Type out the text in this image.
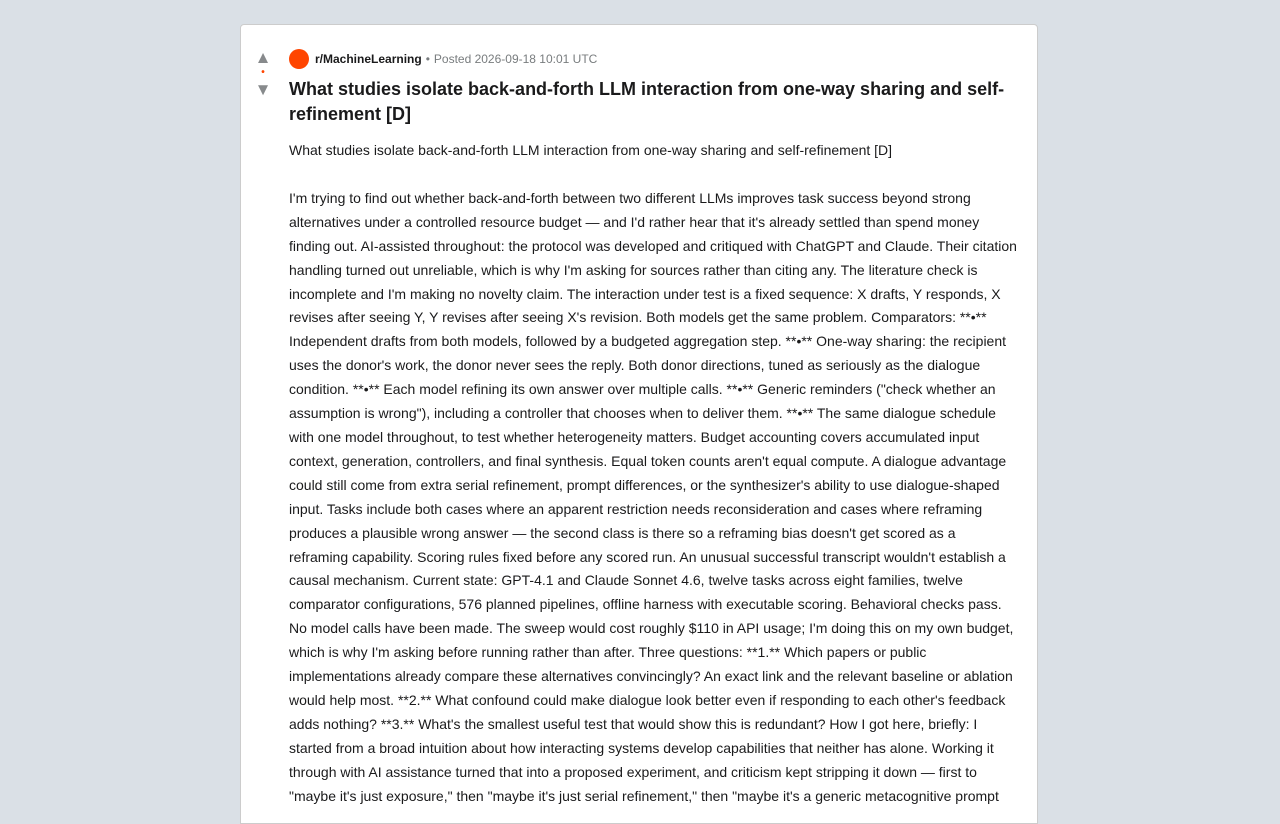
▲
•
▼
r/MachineLearning • Posted 2026-09-18 10:01 UTC
What studies isolate back-and-forth LLM interaction from one-way sharing and self-refinement [D]

What studies isolate back-and-forth LLM interaction from one-way sharing and self-refinement [D]

I'm trying to find out whether back-and-forth between two different LLMs improves task success beyond strong alternatives under a controlled resource budget — and I'd rather hear that it's already settled than spend money finding out. AI-assisted throughout: the protocol was developed and critiqued with ChatGPT and Claude. Their citation handling turned out unreliable, which is why I'm asking for sources rather than citing any. The literature check is incomplete and I'm making no novelty claim. The interaction under test is a fixed sequence: X drafts, Y responds, X revises after seeing Y, Y revises after seeing X's revision. Both models get the same problem. Comparators: **•** Independent drafts from both models, followed by a budgeted aggregation step. **•** One-way sharing: the recipient uses the donor's work, the donor never sees the reply. Both donor directions, tuned as seriously as the dialogue condition. **•** Each model refining its own answer over multiple calls. **•** Generic reminders ("check whether an assumption is wrong"), including a controller that chooses when to deliver them. **•** The same dialogue schedule with one model throughout, to test whether heterogeneity matters. Budget accounting covers accumulated input context, generation, controllers, and final synthesis. Equal token counts aren't equal compute. A dialogue advantage could still come from extra serial refinement, prompt differences, or the synthesizer's ability to use dialogue-shaped input. Tasks include both cases where an apparent restriction needs reconsideration and cases where reframing produces a plausible wrong answer — the second class is there so a reframing bias doesn't get scored as a reframing capability. Scoring rules fixed before any scored run. An unusual successful transcript wouldn't establish a causal mechanism. Current state: GPT-4.1 and Claude Sonnet 4.6, twelve tasks across eight families, twelve comparator configurations, 576 planned pipelines, offline harness with executable scoring. Behavioral checks pass. No model calls have been made. The sweep would cost roughly $110 in API usage; I'm doing this on my own budget, which is why I'm asking before running rather than after. Three questions: **1.** Which papers or public implementations already compare these alternatives convincingly? An exact link and the relevant baseline or ablation would help most. **2.** What confound could make dialogue look better even if responding to each other's feedback adds nothing? **3.** What's the smallest useful test that would show this is redundant? How I got here, briefly: I started from a broad intuition about how interacting systems develop capabilities that neither has alone. Working it through with AI assistance turned that into a proposed experiment, and criticism kept stripping it down — first to "maybe it's just exposure," then "maybe it's just serial refinement," then "maybe it's a generic metacognitive prompt
